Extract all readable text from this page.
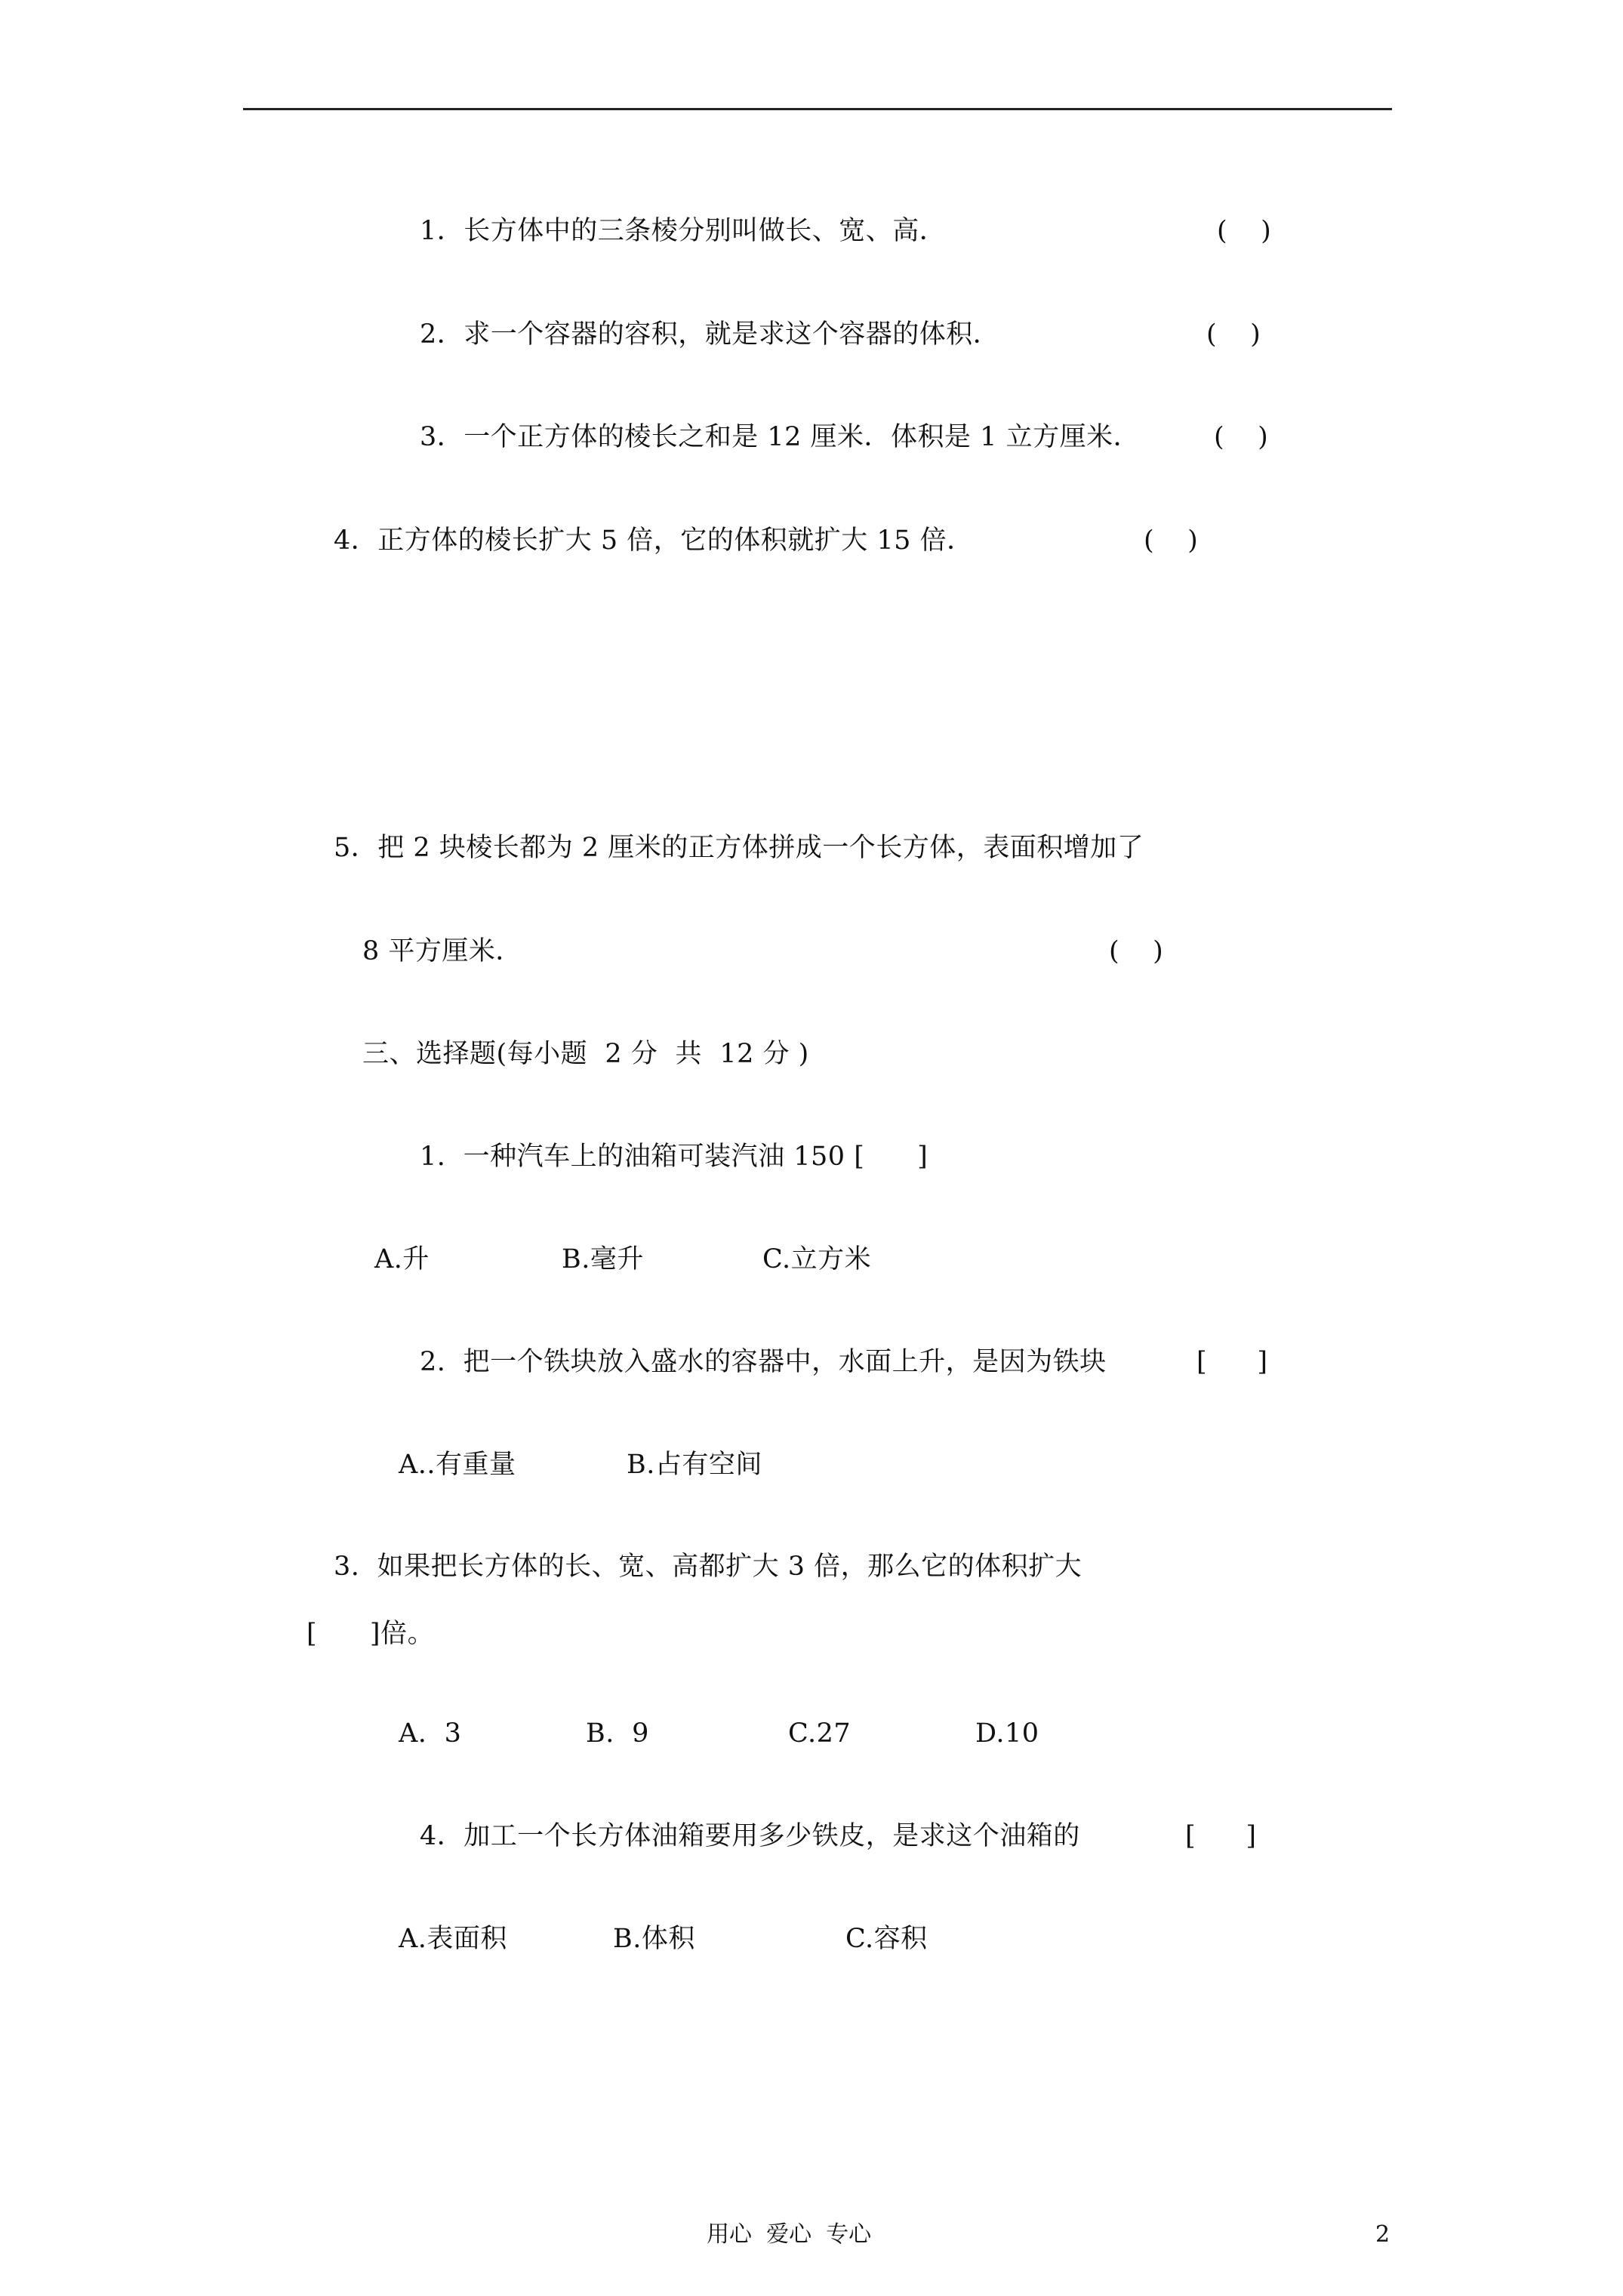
1．长方体中的三条棱分别叫做长、宽、高．	(    )
2．求一个容器的容积，就是求这个容器的体积．	(    )
3．一个正方体的棱长之和是 12 厘米．体积是 1 立方厘米．	(    )
4．正方体的棱长扩大 5 倍，它的体积就扩大 15 倍．	(    )
5．把 2 块棱长都为 2 厘米的正方体拼成一个长方体，表面积增加了
8 平方厘米．	(    )
三、选择题(每小题  2 分  共  12 分 )
1.  一种汽车上的油箱可装汽油 150 [      ]
A.升	B.毫升	C.立方米
2.  把一个铁块放入盛水的容器中，水面上升，是因为铁块	[      ]
A..有重量	B.占有空间
3.  如果把长方体的长、宽、高都扩大 3 倍，那么它的体积扩大
[      ]倍。
A.  3	B.  9	C.27	D.10
4．加工一个长方体油箱要用多少铁皮，是求这个油箱的	[      ]
A.表面积	B.体积	C.容积
用心  爱心  专心	2
